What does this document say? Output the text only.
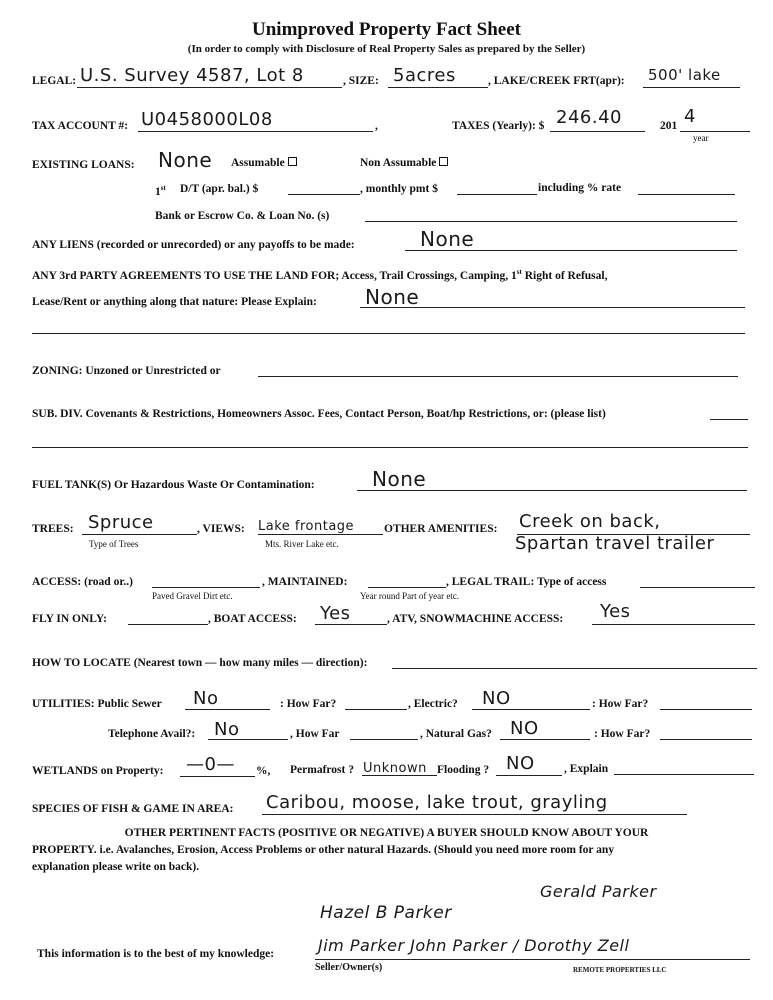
Unimproved Property Fact Sheet
(In order to comply with Disclosure of Real Property Sales as prepared by the Seller)
LEGAL: U.S. Survey 4587, Lot 8	, SIZE: 5acres	, LAKE/CREEK FRT(apr): 500' lake
TAX ACCOUNT #: U0458000L08	,	TAXES (Yearly): $ 246.40	201 4
year
EXISTING LOANS: None Assumable	Non Assumable
1st D/T (apr. bal.) $	, monthly pmt $	including % rate
Bank or Escrow Co. & Loan No. (s)
ANY LIENS (recorded or unrecorded) or any payoffs to be made:	None
ANY 3rd PARTY AGREEMENTS TO USE THE LAND FOR; Access, Trail Crossings, Camping, 1st Right of Refusal,
Lease/Rent or anything along that nature: Please Explain: None
ZONING: Unzoned or Unrestricted or
SUB. DIV. Covenants & Restrictions, Homeowners Assoc. Fees, Contact Person, Boat/hp Restrictions, or: (please list)
FUEL TANK(S) Or Hazardous Waste Or Contamination:	None
TREES: Spruce
Type of Trees
, VIEWS: Lake frontage
Mts. River Lake etc.
OTHER AMENITIES: Creek on back,
Spartan travel trailer
ACCESS: (road or..)
Paved Gravel Dirt etc.
, MAINTAINED:
Year round Part of year etc.
, LEGAL TRAIL: Type of access
FLY IN ONLY:	, BOAT ACCESS: Yes	, ATV, SNOWMACHINE ACCESS: Yes
HOW TO LOCATE (Nearest town — how many miles — direction):
UTILITIES: Public Sewer No	: How Far?	, Electric? NO	: How Far?
Telephone Avail?: No	, How Far	, Natural Gas? NO	: How Far?
WETLANDS on Property: —0— %, Permafrost ? Unknown Flooding ? NO	, Explain
SPECIES OF FISH & GAME IN AREA: Caribou, moose, lake trout, grayling
OTHER PERTINENT FACTS (POSITIVE OR NEGATIVE) A BUYER SHOULD KNOW ABOUT YOUR
PROPERTY. i.e. Avalanches, Erosion, Access Problems or other natural Hazards. (Should you need more room for any
explanation please write on back).
Hazel B Parker
Gerald Parker
Jim Parker John Parker / Dorothy Zell
This information is to the best of my knowledge:
Seller/Owner(s)	REMOTE PROPERTIES LLC
